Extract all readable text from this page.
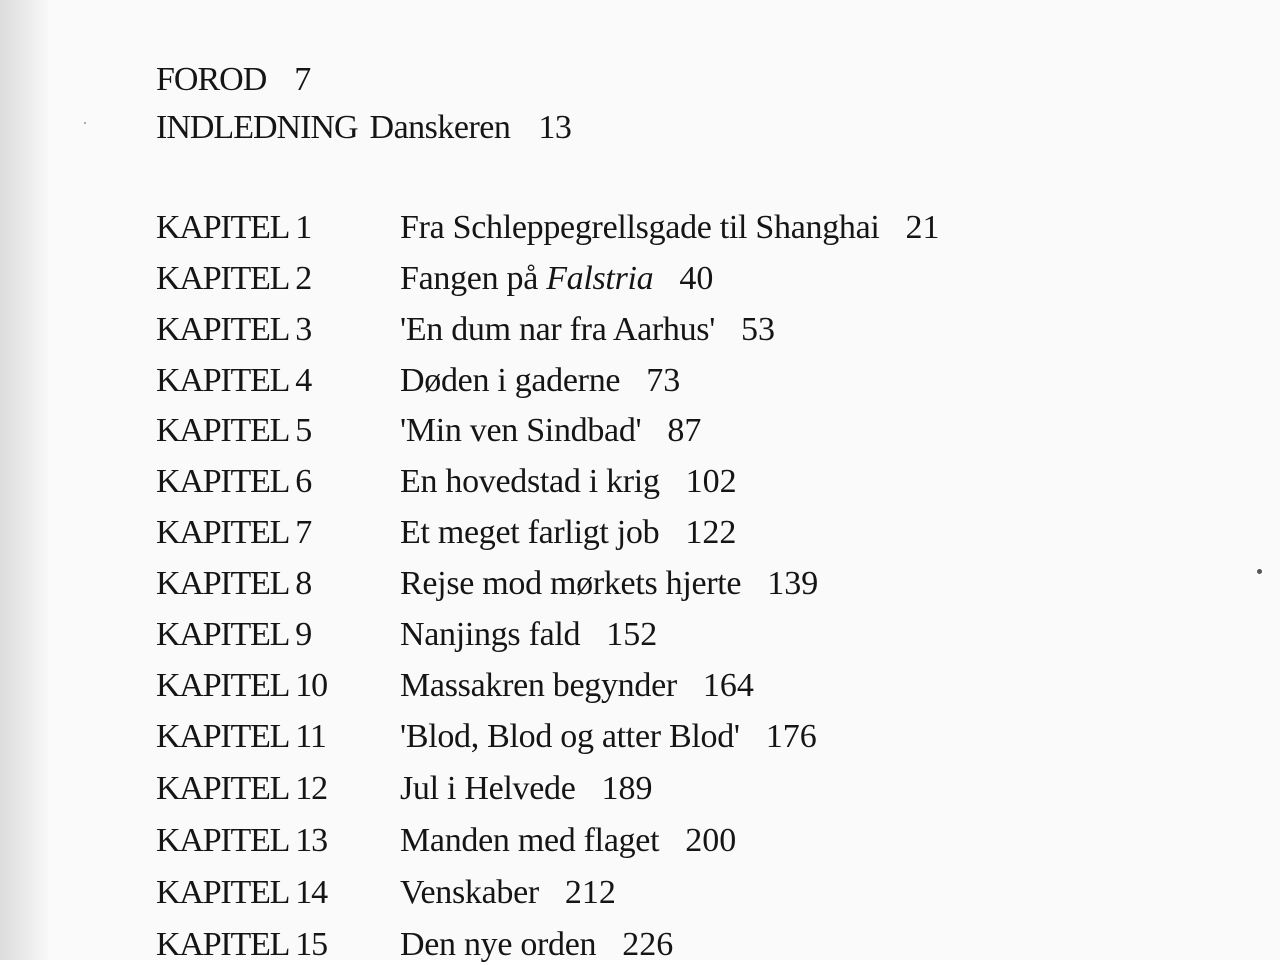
FOROD 7
INDLEDNING Danskeren 13
KAPITEL 1	Fra Schleppegrellsgade til Shanghai 21
KAPITEL 2	Fangen på Falstria 40
KAPITEL 3	'En dum nar fra Aarhus' 53
KAPITEL 4	Døden i gaderne 73
KAPITEL 5	'Min ven Sindbad' 87
KAPITEL 6	En hovedstad i krig 102
KAPITEL 7	Et meget farligt job 122
KAPITEL 8	Rejse mod mørkets hjerte 139
KAPITEL 9	Nanjings fald 152
KAPITEL 10 Massakren begynder 164
KAPITEL 11 'Blod, Blod og atter Blod' 176
KAPITEL 12 Jul i Helvede 189
KAPITEL 13 Manden med flaget 200
KAPITEL 14 Venskaber 212
KAPITEL 15 Den nye orden 226
